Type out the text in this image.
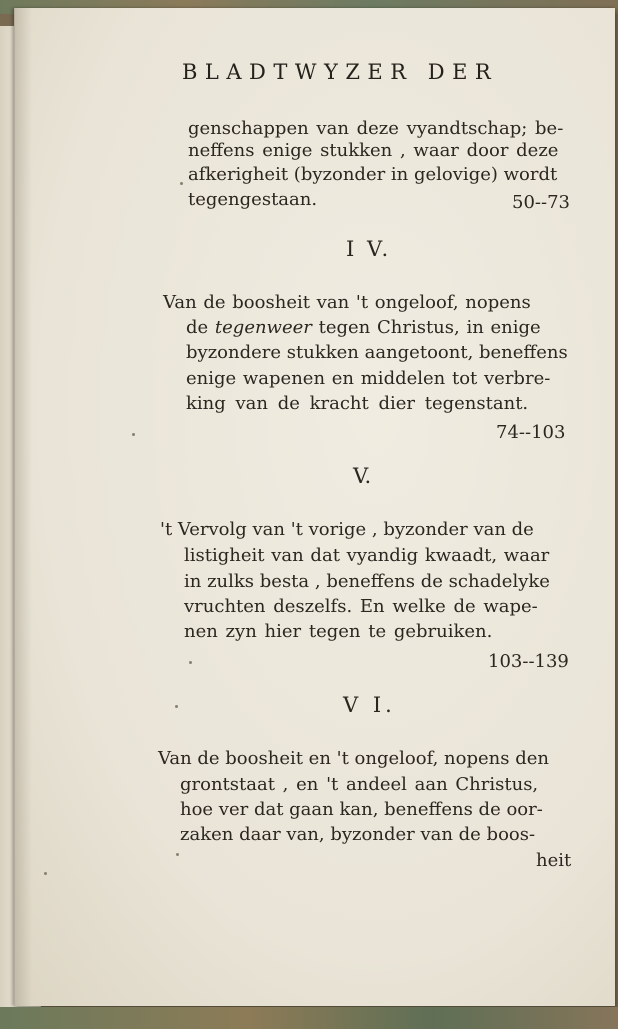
BLADTWYZER DER

genschappen van deze vyandtschap; be-

neffens enige stukken , waar door deze

afkerigheit (byzonder in gelovige) wordt

tegengestaan.	50--73

I V.

Van de boosheit van 't ongeloof, nopens

de tegenweer tegen Christus, in enige

byzondere stukken aangetoont, beneffens

enige wapenen en middelen tot verbre-

king van de kracht dier tegenstant.

74--103

V.

't Vervolg van 't vorige , byzonder van de

listigheit van dat vyandig kwaadt, waar

in zulks besta , beneffens de schadelyke

vruchten deszelfs. En welke de wape-

nen zyn hier tegen te gebruiken.

103--139

V I.

Van de boosheit en 't ongeloof, nopens den

grontstaat , en 't andeel aan Christus,

hoe ver dat gaan kan, beneffens de oor-

zaken daar van, byzonder van de boos-

heit
